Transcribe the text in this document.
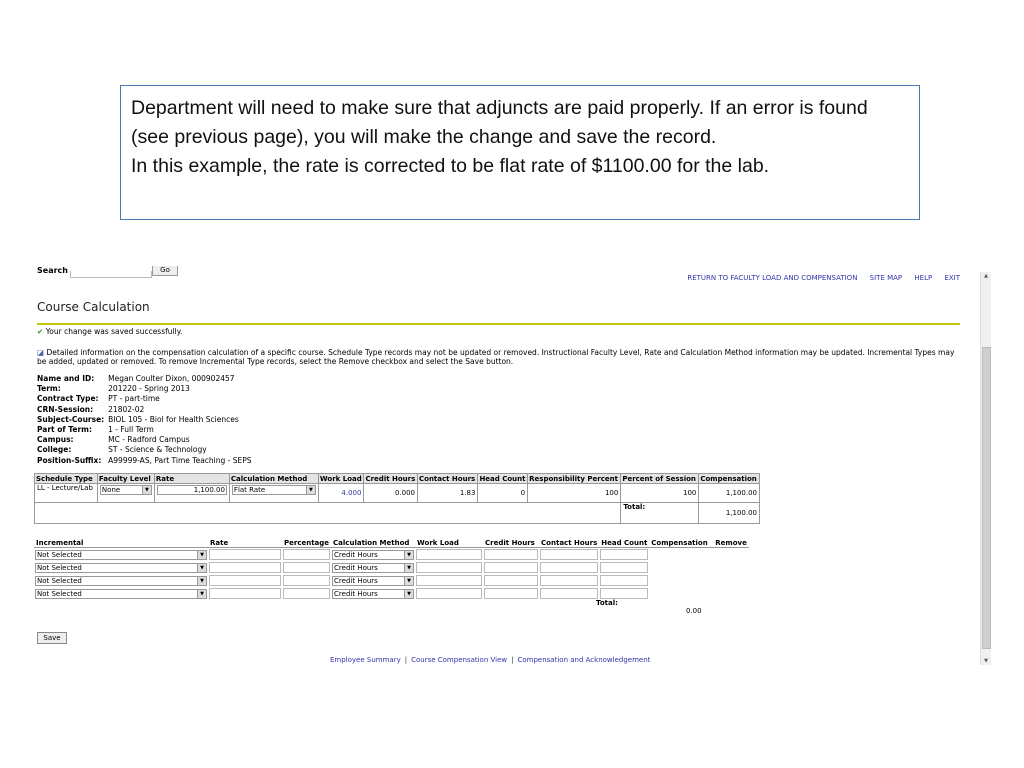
Department will need to make sure that adjuncts are paid properly. If an error is found (see previous page), you will make the change and save the record.

In this example, the rate is corrected to be flat rate of $1100.00 for the lab.

Search	Go
RETURN TO FACULTY LOAD AND COMPENSATION SITE MAP HELP EXIT
Course Calculation
✔ Your change was saved successfully.
◪ Detailed information on the compensation calculation of a specific course. Schedule Type records may not be updated or removed. Instructional Faculty Level, Rate and Calculation Method information may be updated. Incremental Types may be added, updated or removed. To remove Incremental Type records, select the Remove checkbox and select the Save button.
Name and ID:	Megan Coulter Dixon, 000902457
Term:	201220 - Spring 2013
Contract Type:	PT - part-time
CRN-Session:	21802-02
Subject-Course:	BIOL 105 - Biol for Health Sciences
Part of Term:	1 - Full Term
Campus:	MC - Radford Campus
College:	ST - Science & Technology
Position-Suffix:	A99999-AS, Part Time Teaching - SEPS
Schedule Type	Faculty Level	Rate	Calculation Method	Work Load	Credit Hours	Contact Hours	Head Count	Responsibility Percent	Percent of Session	Compensation
LL - Lecture/Lab	None ▼	1,100.00	Flat Rate ▼	4.000	0.000	1.83	0	100	100	1,100.00
									Total:	1,100.00
Incremental	Rate	Percentage	Calculation Method	Work Load	Credit Hours	Contact Hours	Head Count	Compensation	Remove
Not Selected ▼			Credit Hours ▼						

Not Selected ▼			Credit Hours ▼						

Not Selected ▼			Credit Hours ▼						

Not Selected ▼			Credit Hours ▼						

Total:
0.00
Save
Employee Summary | Course Compensation View | Compensation and Acknowledgement
▲
▼
